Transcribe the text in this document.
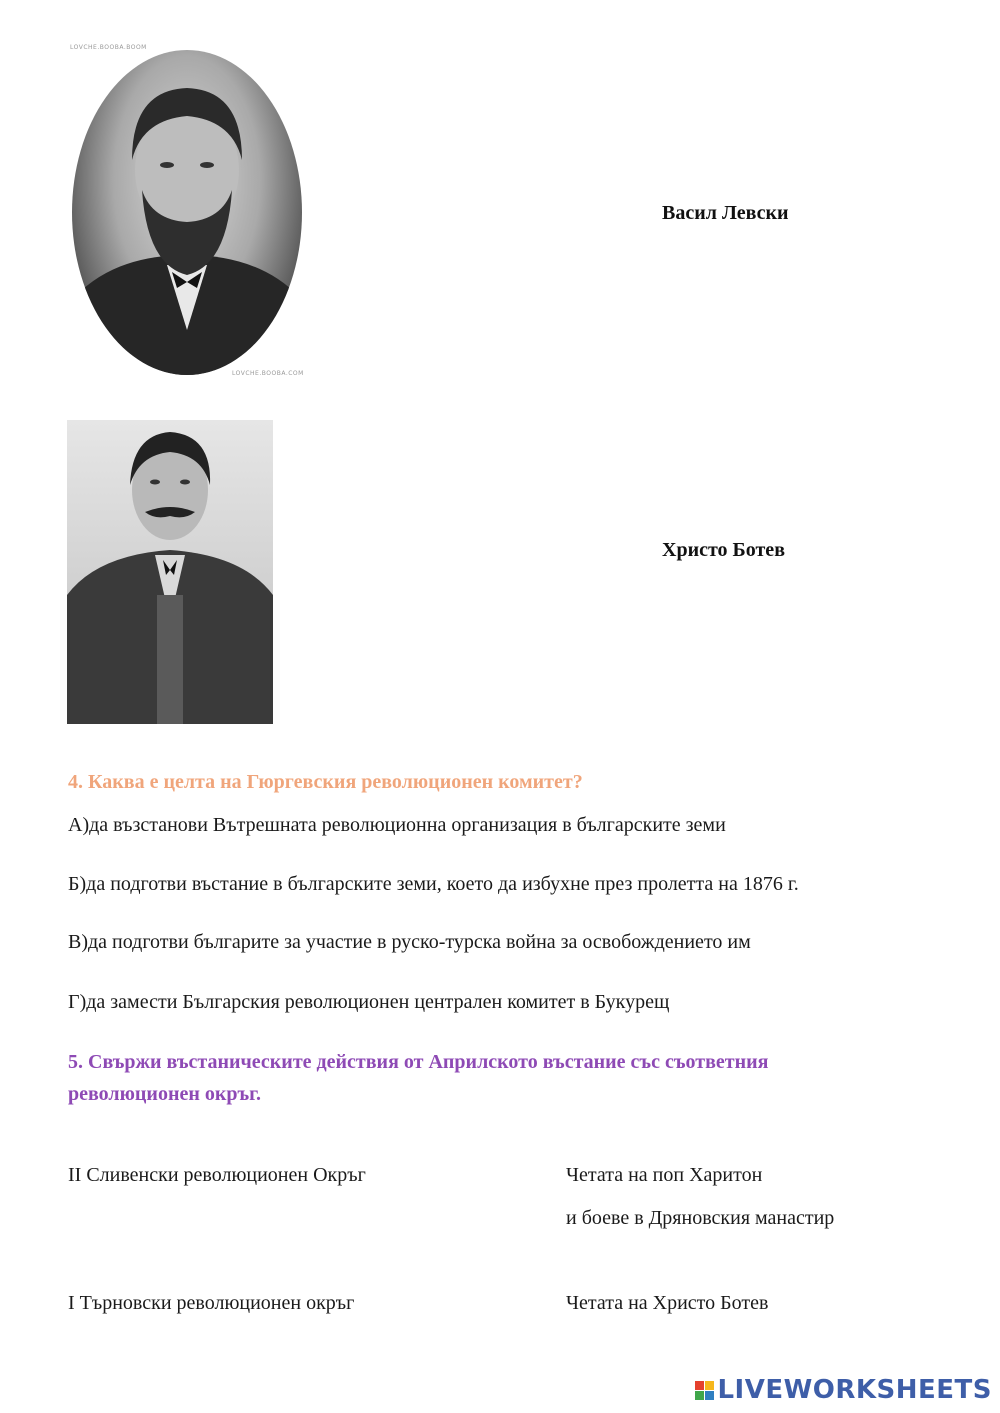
LOVCHE.BOOBA.BOOM
LOVCHE.BOOBA.COM
Васил Левски
Христо Ботев
4. Каква е целта на Гюргевския революционен комитет?
А)да възстанови Вътрешната революционна организация в българските земи
Б)да подготви въстание в българските земи, което да избухне през пролетта на 1876 г.
В)да подготви българите за участие в руско-турска война за освобождението им
Г)да замести Българския революционен централен комитет в Букурещ
5. Свържи въстаническите действия от Априлското въстание със съответния
революционен окръг.
II Сливенски революционен Окръг	Четата на поп Харитон
и боеве в Дряновския манастир
I Търновски революционен окръг	Четата на Христо Ботев
LIVEWORKSHEETS
